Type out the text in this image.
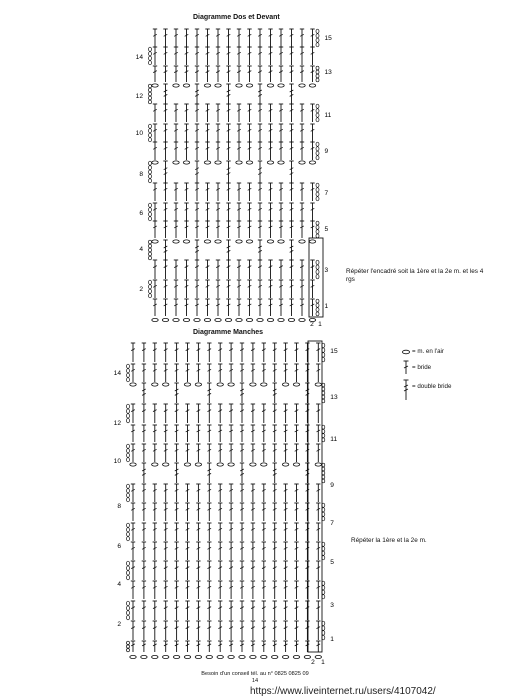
Diagramme Dos et Devant
Diagramme Manches
14
12
10
8
6
4
2
15
13
11
9
7
5
3
1
2 1
14
12
10
8
6
4
2
15
13
11
9
7
5
3
1
2 1
Répéter l'encadré soit la 1ère et la 2e m. et les 4 rgs
Répéter la 1ère et la 2e m.
= m. en l'air
= bride
= double bride
Besoin d'un conseil tél. au n° 0825 0825 09
14
https://www.liveinternet.ru/users/4107042/
